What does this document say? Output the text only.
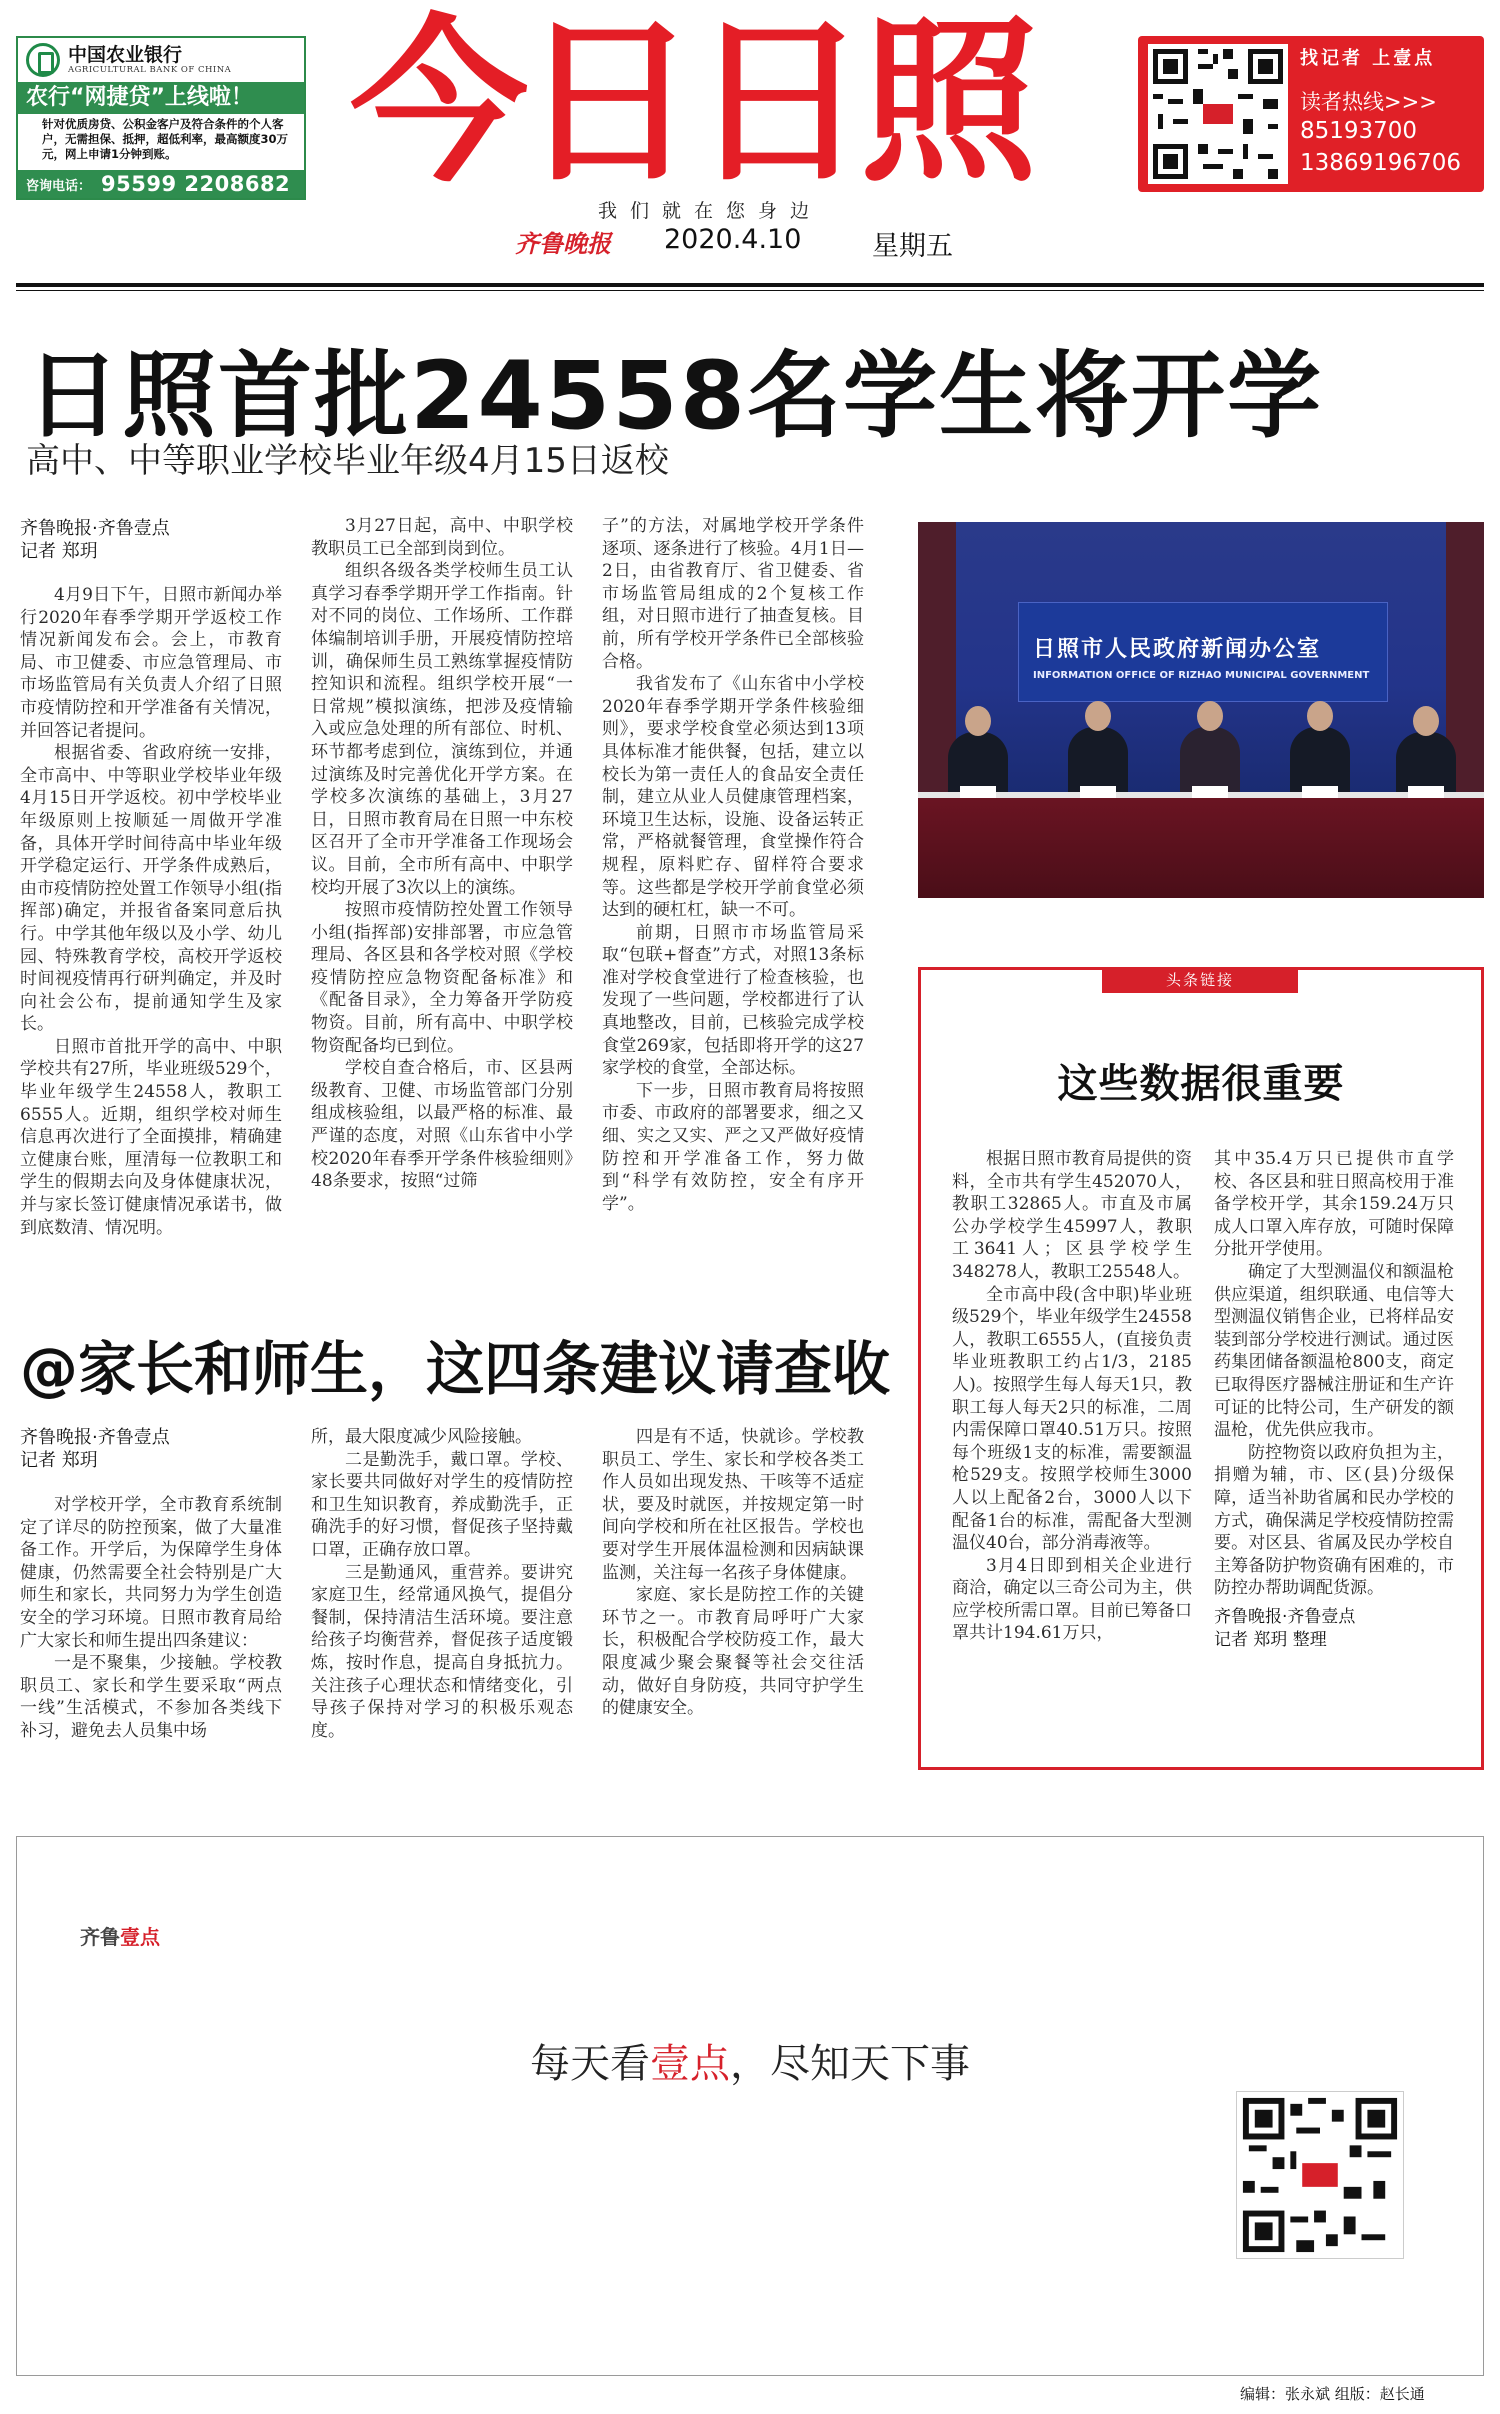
中国农业银行
AGRICULTURAL BANK OF CHINA
农行“网捷贷”上线啦！
针对优质房贷、公积金客户及符合条件的个人客户，无需担保、抵押，超低利率，最高额度30万元，网上申请1分钟到账。
咨询电话： 95599 2208682 今日日照
我们就在您身边
齐鲁晚报 2020.4.10	星期五
找记者 上壹点
读者热线>>>
85193700
13869196706
日照首批24558名学生将开学
高中、中等职业学校毕业年级4月15日返校
齐鲁晚报·齐鲁壹点
记者 郑玥

4月9日下午，日照市新闻办举行2020年春季学期开学返校工作情况新闻发布会。会上，市教育局、市卫健委、市应急管理局、市市场监管局有关负责人介绍了日照市疫情防控和开学准备有关情况，并回答记者提问。

根据省委、省政府统一安排，全市高中、中等职业学校毕业年级4月15日开学返校。初中学校毕业年级原则上按顺延一周做开学准备，具体开学时间待高中毕业年级开学稳定运行、开学条件成熟后，由市疫情防控处置工作领导小组(指挥部)确定，并报省备案同意后执行。中学其他年级以及小学、幼儿园、特殊教育学校，高校开学返校时间视疫情再行研判确定，并及时向社会公布，提前通知学生及家长。

日照市首批开学的高中、中职学校共有27所，毕业班级529个，毕业年级学生24558人，教职工6555人。近期，组织学校对师生信息再次进行了全面摸排，精确建立健康台账，厘清每一位教职工和学生的假期去向及身体健康状况，并与家长签订健康情况承诺书，做到底数清、情况明。

3月27日起，高中、中职学校教职员工已全部到岗到位。

组织各级各类学校师生员工认真学习春季学期开学工作指南。针对不同的岗位、工作场所、工作群体编制培训手册，开展疫情防控培训，确保师生员工熟练掌握疫情防控知识和流程。组织学校开展“一日常规”模拟演练，把涉及疫情输入或应急处理的所有部位、时机、环节都考虑到位，演练到位，并通过演练及时完善优化开学方案。在学校多次演练的基础上，3月27日，日照市教育局在日照一中东校区召开了全市开学准备工作现场会议。目前，全市所有高中、中职学校均开展了3次以上的演练。

按照市疫情防控处置工作领导小组(指挥部)安排部署，市应急管理局、各区县和各学校对照《学校疫情防控应急物资配备标准》和《配备目录》，全力筹备开学防疫物资。目前，所有高中、中职学校物资配备均已到位。

学校自查合格后，市、区县两级教育、卫健、市场监管部门分别组成核验组，以最严格的标准、最严谨的态度，对照《山东省中小学校2020年春季开学条件核验细则》48条要求，按照“过筛

子”的方法，对属地学校开学条件逐项、逐条进行了核验。4月1日—2日，由省教育厅、省卫健委、省市场监管局组成的2个复核工作组，对日照市进行了抽查复核。目前，所有学校开学条件已全部核验合格。

我省发布了《山东省中小学校2020年春季学期开学条件核验细则》，要求学校食堂必须达到13项具体标准才能供餐，包括，建立以校长为第一责任人的食品安全责任制，建立从业人员健康管理档案，环境卫生达标，设施、设备运转正常，严格就餐管理，食堂操作符合规程，原料贮存、留样符合要求等。这些都是学校开学前食堂必须达到的硬杠杠，缺一不可。

前期，日照市市场监管局采取“包联+督查”方式，对照13条标准对学校食堂进行了检查核验，也发现了一些问题，学校都进行了认真地整改，目前，已核验完成学校食堂269家，包括即将开学的这27家学校的食堂，全部达标。

下一步，日照市教育局将按照市委、市政府的部署要求，细之又细、实之又实、严之又严做好疫情防控和开学准备工作，努力做到“科学有效防控，安全有序开学”。

日照市人民政府新闻办公室
INFORMATION OFFICE OF RIZHAO MUNICIPAL GOVERNMENT
头条链接
这些数据很重要

根据日照市教育局提供的资料，全市共有学生452070人，教职工32865人。市直及市属公办学校学生45997人，教职工3641人；区县学校学生348278人，教职工25548人。

全市高中段(含中职)毕业班级529个，毕业年级学生24558人，教职工6555人，(直接负责毕业班教职工约占1/3，2185人)。按照学生每人每天1只，教职工每人每天2只的标准，二周内需保障口罩40.51万只。按照每个班级1支的标准，需要额温枪529支。按照学校师生3000人以上配备2台，3000人以下配备1台的标准，需配备大型测温仪40台，部分消毒液等。

3月4日即到相关企业进行商洽，确定以三奇公司为主，供应学校所需口罩。目前已筹备口罩共计194.61万只，

其中35.4万只已提供市直学校、各区县和驻日照高校用于准备学校开学，其余159.24万只成人口罩入库存放，可随时保障分批开学使用。

确定了大型测温仪和额温枪供应渠道，组织联通、电信等大型测温仪销售企业，已将样品安装到部分学校进行测试。通过医药集团储备额温枪800支，商定已取得医疗器械注册证和生产许可证的比特公司，生产研发的额温枪，优先供应我市。

防控物资以政府负担为主，捐赠为辅，市、区(县)分级保障，适当补助省属和民办学校的方式，确保满足学校疫情防控需要。对区县、省属及民办学校自主筹备防护物资确有困难的，市防控办帮助调配货源。

齐鲁晚报·齐鲁壹点
记者 郑玥 整理
@家长和师生，这四条建议请查收
齐鲁晚报·齐鲁壹点
记者 郑玥

对学校开学，全市教育系统制定了详尽的防控预案，做了大量准备工作。开学后，为保障学生身体健康，仍然需要全社会特别是广大师生和家长，共同努力为学生创造安全的学习环境。日照市教育局给广大家长和师生提出四条建议：

一是不聚集，少接触。学校教职员工、家长和学生要采取“两点一线”生活模式，不参加各类线下补习，避免去人员集中场

所，最大限度减少风险接触。

二是勤洗手，戴口罩。学校、家长要共同做好对学生的疫情防控和卫生知识教育，养成勤洗手，正确洗手的好习惯，督促孩子坚持戴口罩，正确存放口罩。

三是勤通风，重营养。要讲究家庭卫生，经常通风换气，提倡分餐制，保持清洁生活环境。要注意给孩子均衡营养，督促孩子适度锻炼，按时作息，提高自身抵抗力。关注孩子心理状态和情绪变化，引导孩子保持对学习的积极乐观态度。

四是有不适，快就诊。学校教职员工、学生、家长和学校各类工作人员如出现发热、干咳等不适症状，要及时就医，并按规定第一时间向学校和所在社区报告。学校也要对学生开展体温检测和因病缺课监测，关注每一名孩子身体健康。

家庭、家长是防控工作的关键环节之一。市教育局呼吁广大家长，积极配合学校防疫工作，最大限度减少聚会聚餐等社会交往活动，做好自身防疫，共同守护学生的健康安全。

齐鲁壹点
每天看壹点，尽知天下事
编辑：张永斌 组版：赵长通
